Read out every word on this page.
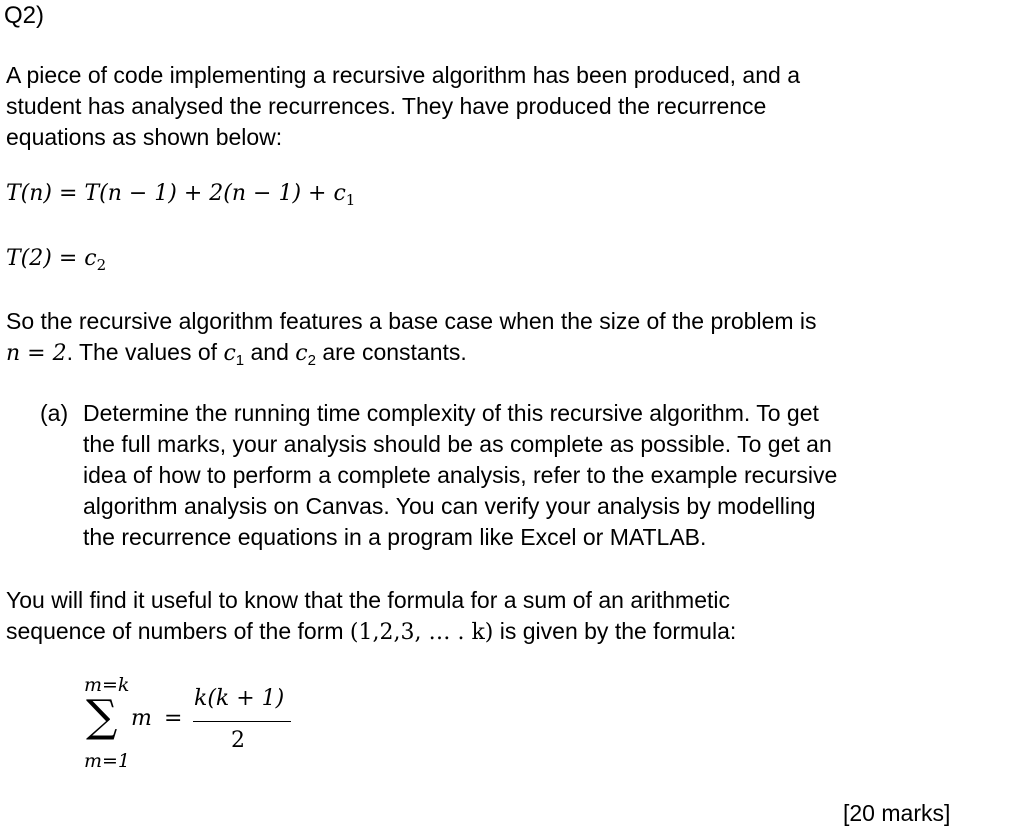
Q2)
A piece of code implementing a recursive algorithm has been produced, and a
student has analysed the recurrences. They have produced the recurrence
equations as shown below:
$T(n) = T(n - 1) + 2(n - 1) + c_1$
$T(2) = c_2$
So the recursive algorithm features a base case when the size of the problem is
n = 2. The values of $c_1$ and $c_2$ are constants.
(a) Determine the running time complexity of this recursive algorithm. To get
the full marks, your analysis should be as complete as possible. To get an
idea of how to perform a complete analysis, refer to the example recursive
algorithm analysis on Canvas. You can verify your analysis by modelling
the recurrence equations in a program like Excel or MATLAB.
You will find it useful to know that the formula for a sum of an arithmetic
sequence of numbers of the form (1,2,3, … . k) is given by the formula:
m=k
∑
m=1
m =
k(k + 1)
2
[20 marks]
